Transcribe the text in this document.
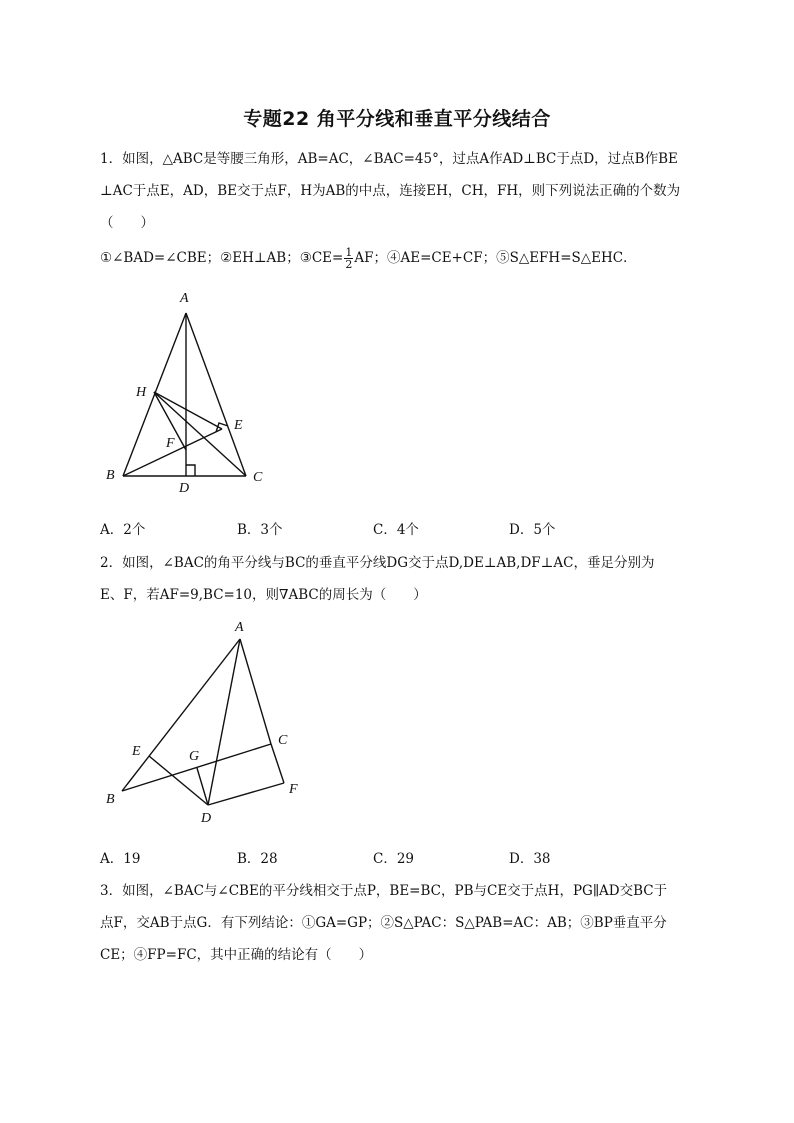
专题22 角平分线和垂直平分线结合
1．如图，△ABC是等腰三角形，AB=AC，∠BAC=45°，过点A作AD⊥BC于点D，过点B作BE
⊥AC于点E，AD，BE交于点F，H为AB的中点，连接EH，CH，FH，则下列说法正确的个数为
（　　）
①∠BAD=∠CBE；②EH⊥AB；③CE= $\frac{1}{2}$ AF；④AE=CE+CF；⑤S△EFH=S△EHC．
A
B	C
D
E
F
H
A．2个	B．3个	C．4个	D．5个
2．如图，∠BAC的角平分线与BC的垂直平分线DG交于点D,DE⊥AB,DF⊥AC，垂足分别为
E、F，若AF=9,BC=10，则∇ABC的周长为（　　）
A
B
C
D
E
F
G
A．19	B．28	C．29	D．38
3．如图，∠BAC与∠CBE的平分线相交于点P，BE=BC，PB与CE交于点H，PG∥AD交BC于
点F，交AB于点G．有下列结论：①GA=GP；②S△PAC：S△PAB=AC：AB；③BP垂直平分
CE；④FP=FC，其中正确的结论有（　　）
